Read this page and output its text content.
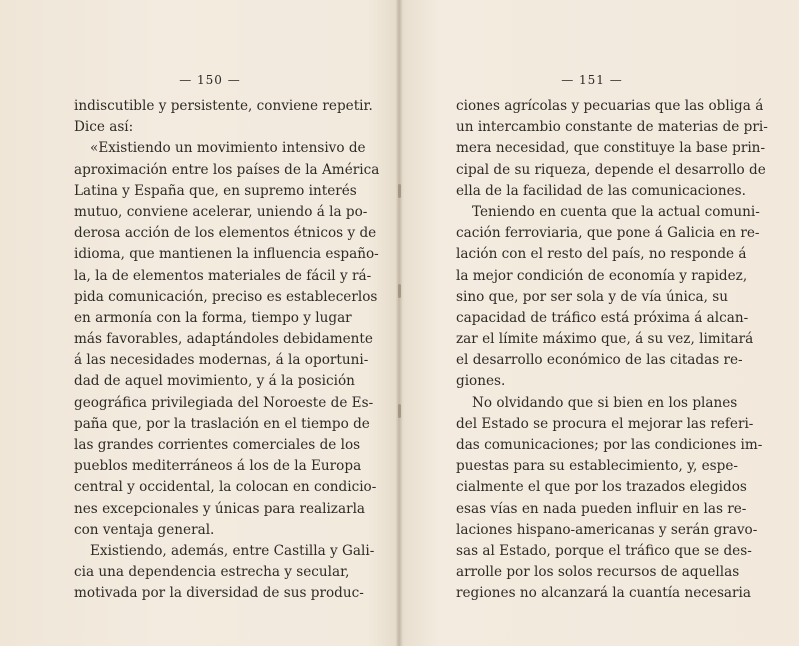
— 150 —
indiscutible y persistente, conviene repetir.
Dice así:
«Existiendo un movimiento intensivo de
aproximación entre los países de la América
Latina y España que, en supremo interés
mutuo, conviene acelerar, uniendo á la po-
derosa acción de los elementos étnicos y de
idioma, que mantienen la influencia españo-
la, la de elementos materiales de fácil y rá-
pida comunicación, preciso es establecerlos
en armonía con la forma, tiempo y lugar
más favorables, adaptándoles debidamente
á las necesidades modernas, á la oportuni-
dad de aquel movimiento, y á la posición
geográfica privilegiada del Noroeste de Es-
paña que, por la traslación en el tiempo de
las grandes corrientes comerciales de los
pueblos mediterráneos á los de la Europa
central y occidental, la colocan en condicio-
nes excepcionales y únicas para realizarla
con ventaja general.
Existiendo, además, entre Castilla y Gali-
cia una dependencia estrecha y secular,
motivada por la diversidad de sus produc-
— 151 —
ciones agrícolas y pecuarias que las obliga á
un intercambio constante de materias de pri-
mera necesidad, que constituye la base prin-
cipal de su riqueza, depende el desarrollo de
ella de la facilidad de las comunicaciones.
Teniendo en cuenta que la actual comuni-
cación ferroviaria, que pone á Galicia en re-
lación con el resto del país, no responde á
la mejor condición de economía y rapidez,
sino que, por ser sola y de vía única, su
capacidad de tráfico está próxima á alcan-
zar el límite máximo que, á su vez, limitará
el desarrollo económico de las citadas re-
giones.
No olvidando que si bien en los planes
del Estado se procura el mejorar las referi-
das comunicaciones; por las condiciones im-
puestas para su establecimiento, y, espe-
cialmente el que por los trazados elegidos
esas vías en nada pueden influir en las re-
laciones hispano-americanas y serán gravo-
sas al Estado, porque el tráfico que se des-
arrolle por los solos recursos de aquellas
regiones no alcanzará la cuantía necesaria
